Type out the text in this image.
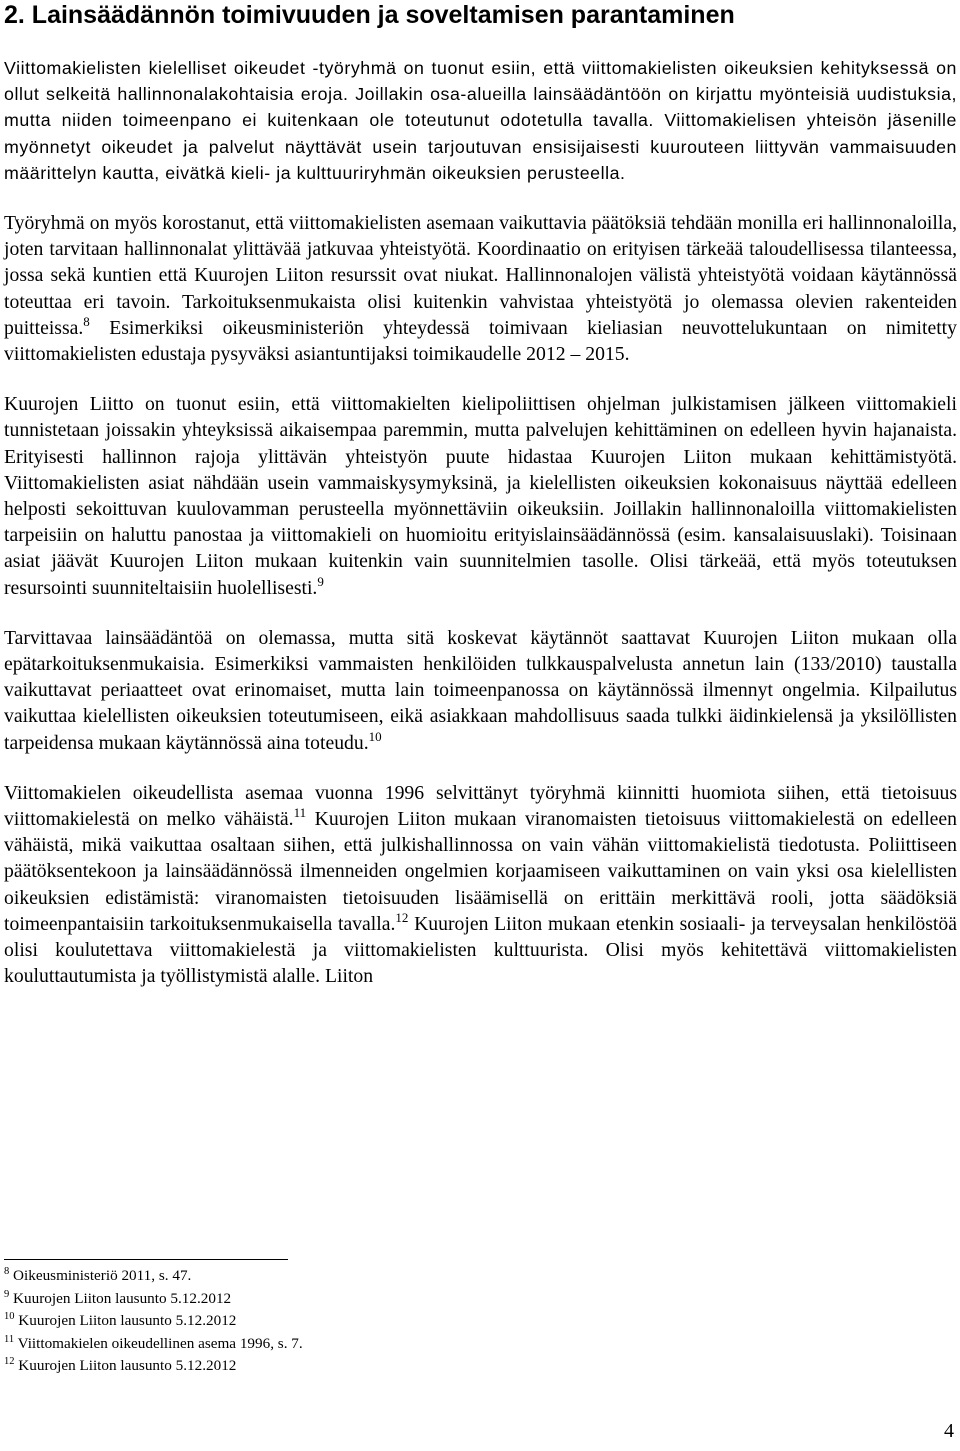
2. Lainsäädännön toimivuuden ja soveltamisen parantaminen

Viittomakielisten kielelliset oikeudet -työryhmä on tuonut esiin, että viittomakielisten oikeuksien kehityksessä on ollut selkeitä hallinnonalakohtaisia eroja. Joillakin osa-alueilla lainsäädäntöön on kirjattu myönteisiä uudistuksia, mutta niiden toimeenpano ei kuitenkaan ole toteutunut odotetulla tavalla. Viittomakielisen yhteisön jäsenille myönnetyt oikeudet ja palvelut näyttävät usein tarjoutuvan ensisijaisesti kuurouteen liittyvän vammaisuuden määrittelyn kautta, eivätkä kieli- ja kulttuuriryhmän oikeuksien perusteella.

Työryhmä on myös korostanut, että viittomakielisten asemaan vaikuttavia päätöksiä tehdään monilla eri hallinnonaloilla, joten tarvitaan hallinnonalat ylittävää jatkuvaa yhteistyötä. Koordinaatio on erityisen tärkeää taloudellisessa tilanteessa, jossa sekä kuntien että Kuurojen Liiton resurssit ovat niukat. Hallinnonalojen välistä yhteistyötä voidaan käytännössä toteuttaa eri tavoin. Tarkoituksenmukaista olisi kuitenkin vahvistaa yhteistyötä jo olemassa olevien rakenteiden puitteissa.$^8$ Esimerkiksi oikeusministeriön yhteydessä toimivaan kieliasian neuvottelukuntaan on nimitetty viittomakielisten edustaja pysyväksi asiantuntijaksi toimikaudelle 2012 – 2015.

Kuurojen Liitto on tuonut esiin, että viittomakielten kielipoliittisen ohjelman julkistamisen jälkeen viittomakieli tunnistetaan joissakin yhteyksissä aikaisempaa paremmin, mutta palvelujen kehittäminen on edelleen hyvin hajanaista. Erityisesti hallinnon rajoja ylittävän yhteistyön puute hidastaa Kuurojen Liiton mukaan kehittämistyötä. Viittomakielisten asiat nähdään usein vammaiskysymyksinä, ja kielellisten oikeuksien kokonaisuus näyttää edelleen helposti sekoittuvan kuulovamman perusteella myönnettäviin oikeuksiin. Joillakin hallinnonaloilla viittomakielisten tarpeisiin on haluttu panostaa ja viittomakieli on huomioitu erityislainsäädännössä (esim. kansalaisuuslaki). Toisinaan asiat jäävät Kuurojen Liiton mukaan kuitenkin vain suunnitelmien tasolle. Olisi tärkeää, että myös toteutuksen resursointi suunniteltaisiin huolellisesti.$^9$

Tarvittavaa lainsäädäntöä on olemassa, mutta sitä koskevat käytännöt saattavat Kuurojen Liiton mukaan olla epätarkoituksenmukaisia. Esimerkiksi vammaisten henkilöiden tulkkauspalvelusta annetun lain (133/2010) taustalla vaikuttavat periaatteet ovat erinomaiset, mutta lain toimeenpanossa on käytännössä ilmennyt ongelmia. Kilpailutus vaikuttaa kielellisten oikeuksien toteutumiseen, eikä asiakkaan mahdollisuus saada tulkki äidinkielensä ja yksilöllisten tarpeidensa mukaan käytännössä aina toteudu.$^{10}$

Viittomakielen oikeudellista asemaa vuonna 1996 selvittänyt työryhmä kiinnitti huomiota siihen, että tietoisuus viittomakielestä on melko vähäistä.$^{11}$ Kuurojen Liiton mukaan viranomaisten tietoisuus viittomakielestä on edelleen vähäistä, mikä vaikuttaa osaltaan siihen, että julkishallinnossa on vain vähän viittomakielistä tiedotusta. Poliittiseen päätöksentekoon ja lainsäädännössä ilmenneiden ongelmien korjaamiseen vaikuttaminen on vain yksi osa kielellisten oikeuksien edistämistä: viranomaisten tietoisuuden lisäämisellä on erittäin merkittävä rooli, jotta säädöksiä toimeenpantaisiin tarkoituksenmukaisella tavalla.$^{12}$ Kuurojen Liiton mukaan etenkin sosiaali- ja terveysalan henkilöstöä olisi koulutettava viittomakielestä ja viittomakielisten kulttuurista. Olisi myös kehitettävä viittomakielisten kouluttautumista ja työllistymistä alalle. Liiton

$^8$ Oikeusministeriö 2011, s. 47.
$^9$ Kuurojen Liiton lausunto 5.12.2012
$^{10}$ Kuurojen Liiton lausunto 5.12.2012
$^{11}$ Viittomakielen oikeudellinen asema 1996, s. 7.
$^{12}$ Kuurojen Liiton lausunto 5.12.2012
4
